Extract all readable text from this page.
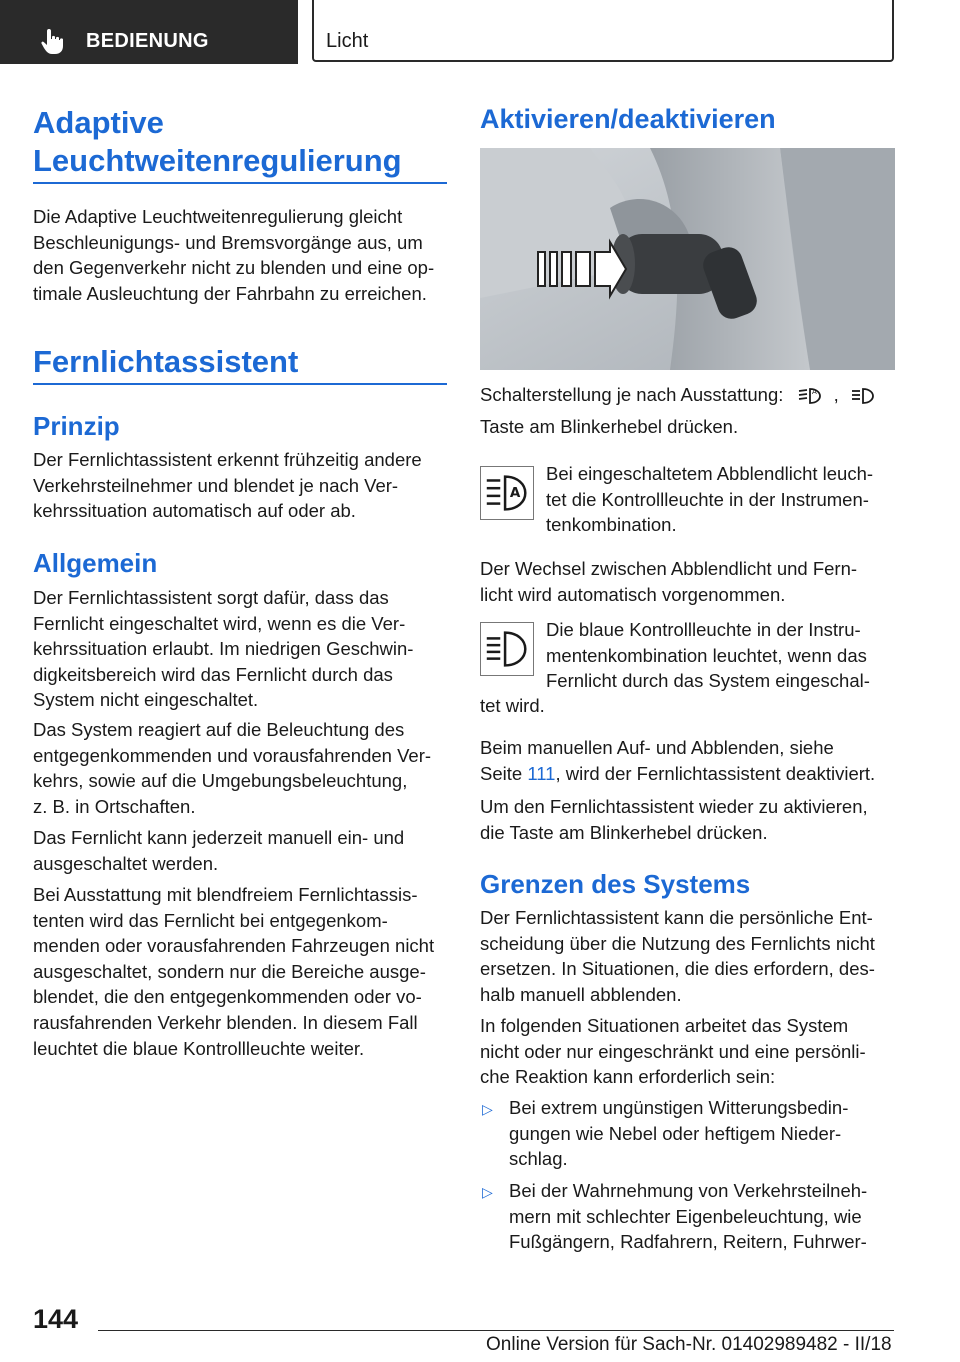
BEDIENUNG	Licht
Adaptive
Leuchtweitenregulierung

Die Adaptive Leuchtweitenregulierung gleicht

Beschleunigungs- und Bremsvorgänge aus, um

den Gegenverkehr nicht zu blenden und eine op-

timale Ausleuchtung der Fahrbahn zu erreichen.

Fernlichtassistent
Prinzip

Der Fernlichtassistent erkennt frühzeitig andere

Verkehrsteilnehmer und blendet je nach Ver-

kehrssituation automatisch auf oder ab.

Allgemein

Der Fernlichtassistent sorgt dafür, dass das

Fernlicht eingeschaltet wird, wenn es die Ver-

kehrssituation erlaubt. Im niedrigen Geschwin-

digkeitsbereich wird das Fernlicht durch das

System nicht eingeschaltet.

Das System reagiert auf die Beleuchtung des

entgegenkommenden und vorausfahrenden Ver-

kehrs, sowie auf die Umgebungsbeleuchtung,

z. B. in Ortschaften.

Das Fernlicht kann jederzeit manuell ein- und

ausgeschaltet werden.

Bei Ausstattung mit blendfreiem Fernlichtassis-

tenten wird das Fernlicht bei entgegenkom-

menden oder vorausfahrenden Fahrzeugen nicht

ausgeschaltet, sondern nur die Bereiche ausge-

blendet, die den entgegenkommenden oder vo-

rausfahrenden Verkehr blenden. In diesem Fall

leuchtet die blaue Kontrollleuchte weiter.

Aktivieren/deaktivieren
Schalterstellung je nach Ausstattung:	A ,

Taste am Blinkerhebel drücken.

A

Bei eingeschaltetem Abblendlicht leuch-

tet die Kontrollleuchte in der Instrumen-

tenkombination.

Der Wechsel zwischen Abblendlicht und Fern-

licht wird automatisch vorgenommen.

Die blaue Kontrollleuchte in der Instru-

mentenkombination leuchtet, wenn das

Fernlicht durch das System eingeschal-

tet wird.

Beim manuellen Auf- und Abblenden, siehe

Seite 111, wird der Fernlichtassistent deaktiviert.

Um den Fernlichtassistent wieder zu aktivieren,

die Taste am Blinkerhebel drücken.

Grenzen des Systems

Der Fernlichtassistent kann die persönliche Ent-

scheidung über die Nutzung des Fernlichts nicht

ersetzen. In Situationen, die dies erfordern, des-

halb manuell abblenden.

In folgenden Situationen arbeitet das System

nicht oder nur eingeschränkt und eine persönli-

che Reaktion kann erforderlich sein:

▷ Bei extrem ungünstigen Witterungsbedin-

gungen wie Nebel oder heftigem Nieder-

schlag.

▷ Bei der Wahrnehmung von Verkehrsteilneh-

mern mit schlechter Eigenbeleuchtung, wie

Fußgängern, Radfahrern, Reitern, Fuhrwer-

144
Online Version für Sach-Nr. 01402989482 - II/18
